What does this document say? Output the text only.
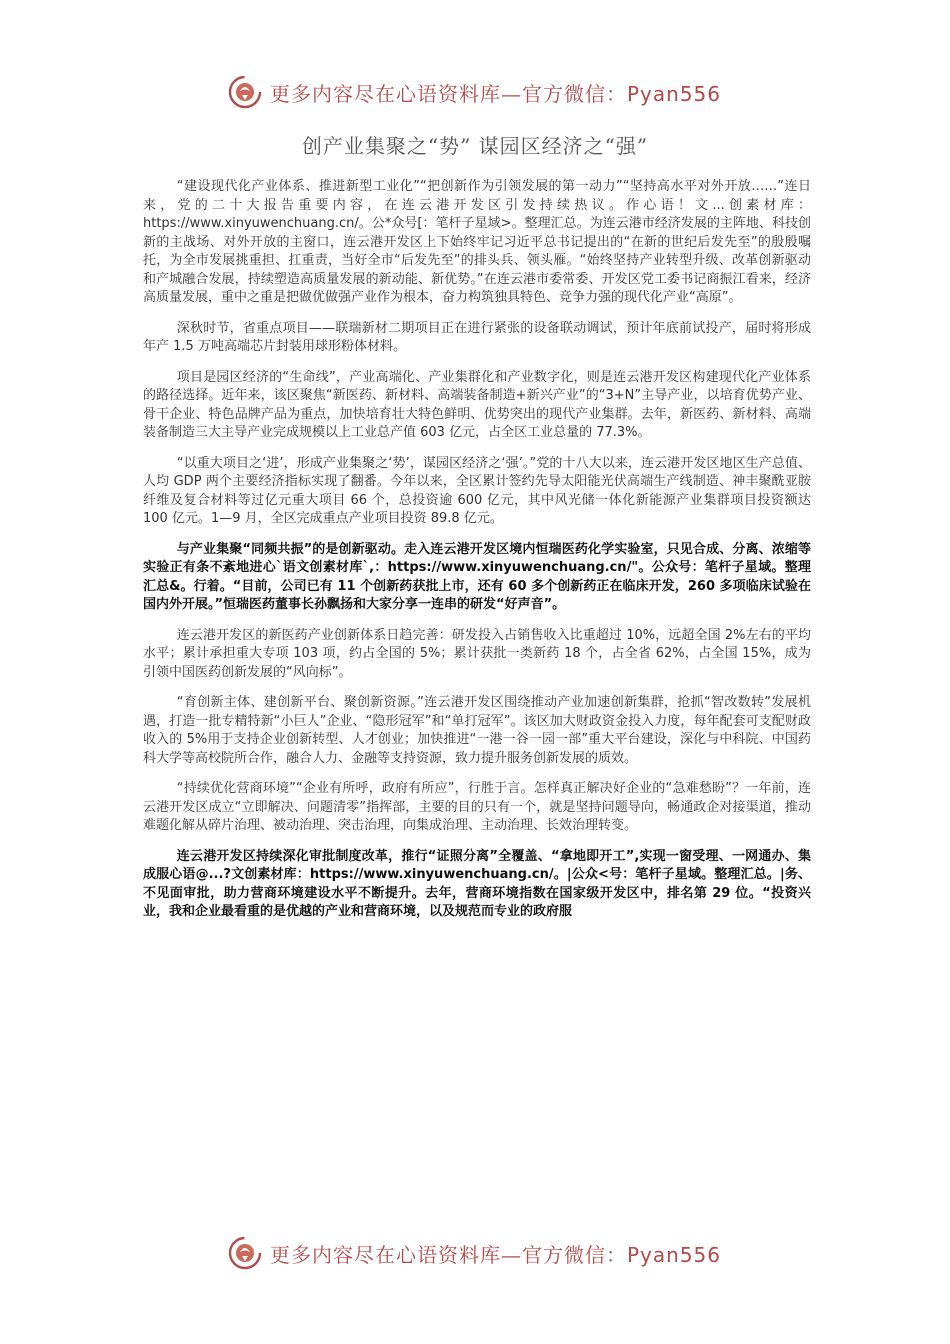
更多内容尽在心语资料库—官方微信：Pyan556
创产业集聚之“势” 谋园区经济之“强”

“建设现代化产业体系、推进新型工业化”“把创新作为引领发展的第一动力”“坚持高水平对外开放……”连日来，党的二十大报告重要内容，在连云港开发区引发持续热议。作心语！文...创素材库：https://www.xinyuwenchuang.cn/。公*众号[：笔杆子星域>。整理汇总。为连云港市经济发展的主阵地、科技创新的主战场、对外开放的主窗口，连云港开发区上下始终牢记习近平总书记提出的“在新的世纪后发先至”的殷殷嘱托，为全市发展挑重担、扛重责，当好全市“后发先至”的排头兵、领头雁。“始终坚持产业转型升级、改革创新驱动和产城融合发展，持续塑造高质量发展的新动能、新优势。”在连云港市委常委、开发区党工委书记商振江看来，经济高质量发展，重中之重是把做优做强产业作为根本，奋力构筑独具特色、竞争力强的现代化产业“高原”。

深秋时节，省重点项目——联瑞新材二期项目正在进行紧张的设备联动调试，预计年底前试投产，届时将形成年产 1.5 万吨高端芯片封装用球形粉体材料。

项目是园区经济的“生命线”，产业高端化、产业集群化和产业数字化，则是连云港开发区构建现代化产业体系的路径选择。近年来，该区聚焦“新医药、新材料、高端装备制造+新兴产业”的“3+N”主导产业，以培育优势产业、骨干企业、特色品牌产品为重点，加快培育壮大特色鲜明、优势突出的现代产业集群。去年，新医药、新材料、高端装备制造三大主导产业完成规模以上工业总产值 603 亿元，占全区工业总量的 77.3%。

“以重大项目之‘进’，形成产业集聚之‘势’，谋园区经济之‘强’。”党的十八大以来，连云港开发区地区生产总值、人均 GDP 两个主要经济指标实现了翻番。今年以来，全区累计签约先导太阳能光伏高端生产线制造、神丰聚酰亚胺纤维及复合材料等过亿元重大项目 66 个，总投资逾 600 亿元，其中风光储一体化新能源产业集群项目投资额达 100 亿元。1—9 月，全区完成重点产业项目投资 89.8 亿元。

与产业集聚“同频共振”的是创新驱动。走入连云港开发区境内恒瑞医药化学实验室，只见合成、分离、浓缩等实验正有条不紊地进心`语文创素材库`,：https://www.xinyuwenchuang.cn/"。公众号：笔杆子星域。整理汇总&。行着。“目前，公司已有 11 个创新药获批上市，还有 60 多个创新药正在临床开发，260 多项临床试验在国内外开展。”恒瑞医药董事长孙飘扬和大家分享一连串的研发“好声音”。

连云港开发区的新医药产业创新体系日趋完善：研发投入占销售收入比重超过 10%，远超全国 2%左右的平均水平；累计承担重大专项 103 项，约占全国的 5%；累计获批一类新药 18 个，占全省 62%，占全国 15%，成为引领中国医药创新发展的“风向标”。

“育创新主体、建创新平台、聚创新资源。”连云港开发区围绕推动产业加速创新集群，抢抓“智改数转”发展机遇，打造一批专精特新“小巨人”企业、“隐形冠军”和“单打冠军”。该区加大财政资金投入力度，每年配套可支配财政收入的 5%用于支持企业创新转型、人才创业；加快推进“一港一谷一园一部”重大平台建设，深化与中科院、中国药科大学等高校院所合作，融合人力、金融等支持资源，致力提升服务创新发展的质效。

“持续优化营商环境”“企业有所呼，政府有所应”，行胜于言。怎样真正解决好企业的“急难愁盼”？一年前，连云港开发区成立“立即解决、问题清零”指挥部，主要的目的只有一个，就是坚持问题导向，畅通政企对接渠道，推动难题化解从碎片治理、被动治理、突击治理，向集成治理、主动治理、长效治理转变。

连云港开发区持续深化审批制度改革，推行“证照分离”全覆盖、“拿地即开工”,实现一窗受理、一网通办、集成服心语@...?文创素材库：https://www.xinyuwenchuang.cn/。|公众<号：笔杆子星域。整理汇总。|务、不见面审批，助力营商环境建设水平不断提升。去年，营商环境指数在国家级开发区中，排名第 29 位。“投资兴业，我和企业最看重的是优越的产业和营商环境，以及规范而专业的政府服

更多内容尽在心语资料库—官方微信：Pyan556
